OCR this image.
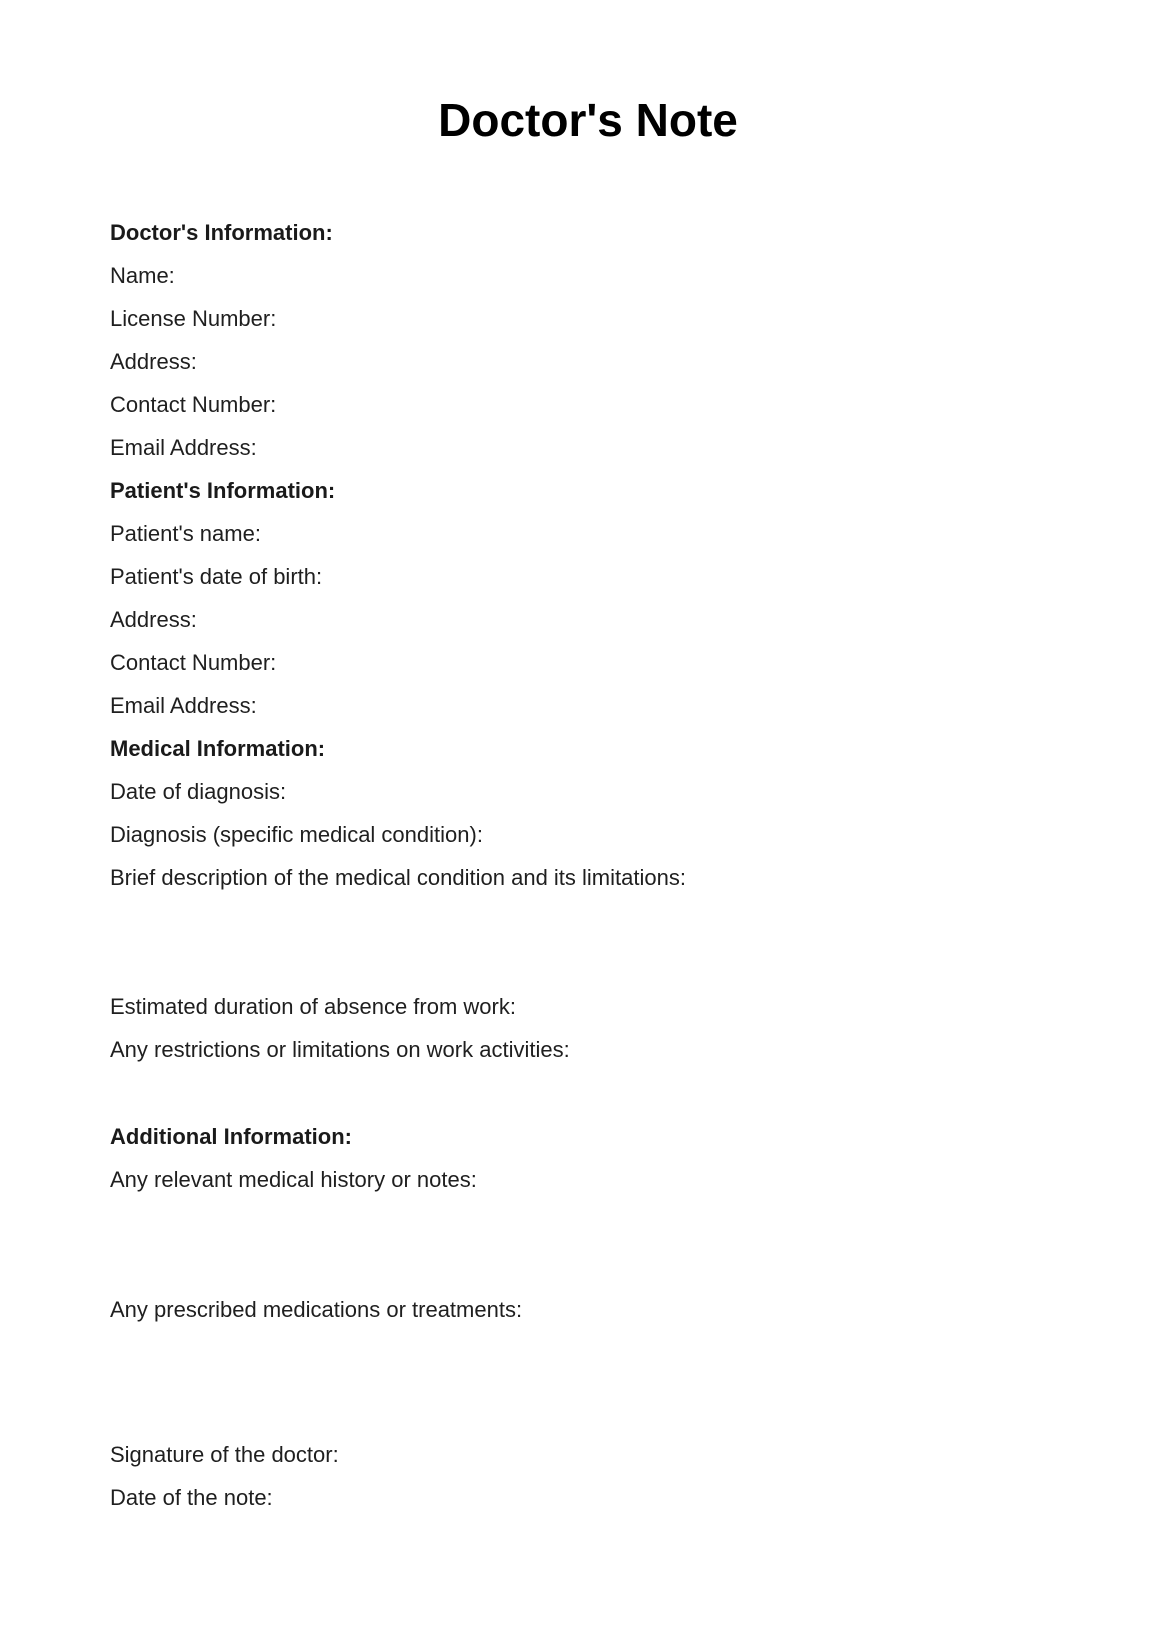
Doctor's Note
Doctor's Information:
Name:
License Number:
Address:
Contact Number:
Email Address:
Patient's Information:
Patient's name:
Patient's date of birth:
Address:
Contact Number:
Email Address:
Medical Information:
Date of diagnosis:
Diagnosis (specific medical condition):
Brief description of the medical condition and its limitations:
Estimated duration of absence from work:
Any restrictions or limitations on work activities:
Additional Information:
Any relevant medical history or notes:
Any prescribed medications or treatments:
Signature of the doctor:
Date of the note:
